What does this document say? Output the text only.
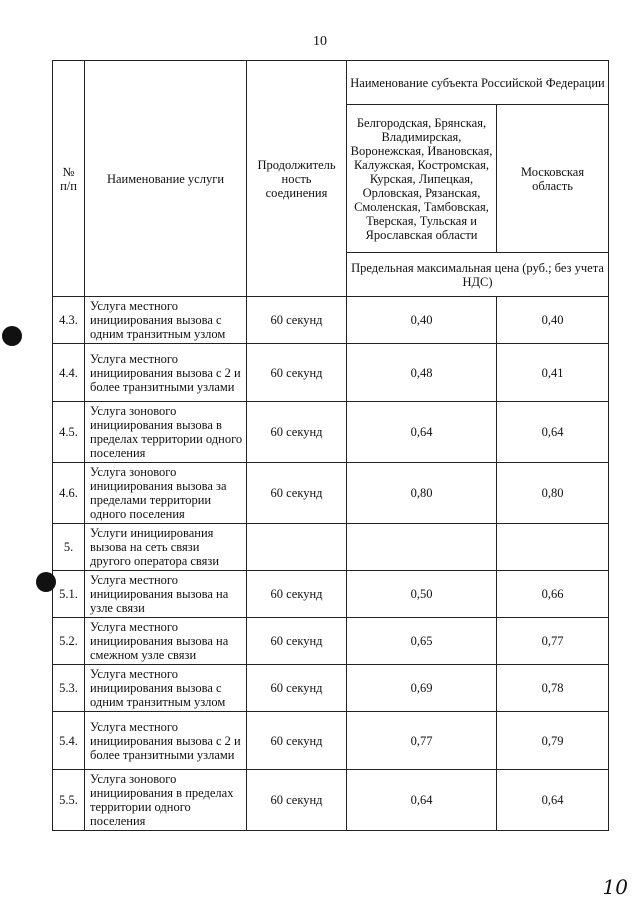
10
№ п/п	Наименование услуги	Продолжитель ность соединения	Наименование субъекта Российской Федерации	
			Белгородская, Брянская, Владимирская, Воронежская, Ивановская, Калужская, Костромская, Курская, Липецкая, Орловская, Рязанская, Смоленская, Тамбовская, Тверская, Тульская и Ярославская области	Московская область
			Предельная максимальная цена (руб.; без учета НДС)	
4.3.	Услуга местного инициирования вызова с одним транзитным узлом	60 секунд	0,40	0,40
4.4.	Услуга местного инициирования вызова с 2 и более транзитными узлами	60 секунд	0,48	0,41
4.5.	Услуга зонового инициирования вызова в пределах территории одного поселения	60 секунд	0,64	0,64
4.6.	Услуга зонового инициирования вызова за пределами территории одного поселения	60 секунд	0,80	0,80
5.	Услуги инициирования вызова на сеть связи другого оператора связи			
5.1.	Услуга местного инициирования вызова на узле связи	60 секунд	0,50	0,66
5.2.	Услуга местного инициирования вызова на смежном узле связи	60 секунд	0,65	0,77
5.3.	Услуга местного инициирования вызова с одним транзитным узлом	60 секунд	0,69	0,78
5.4.	Услуга местного инициирования вызова с 2 и более транзитными узлами	60 секунд	0,77	0,79
5.5.	Услуга зонового инициирования в пределах территории одного поселения	60 секунд	0,64	0,64
10
